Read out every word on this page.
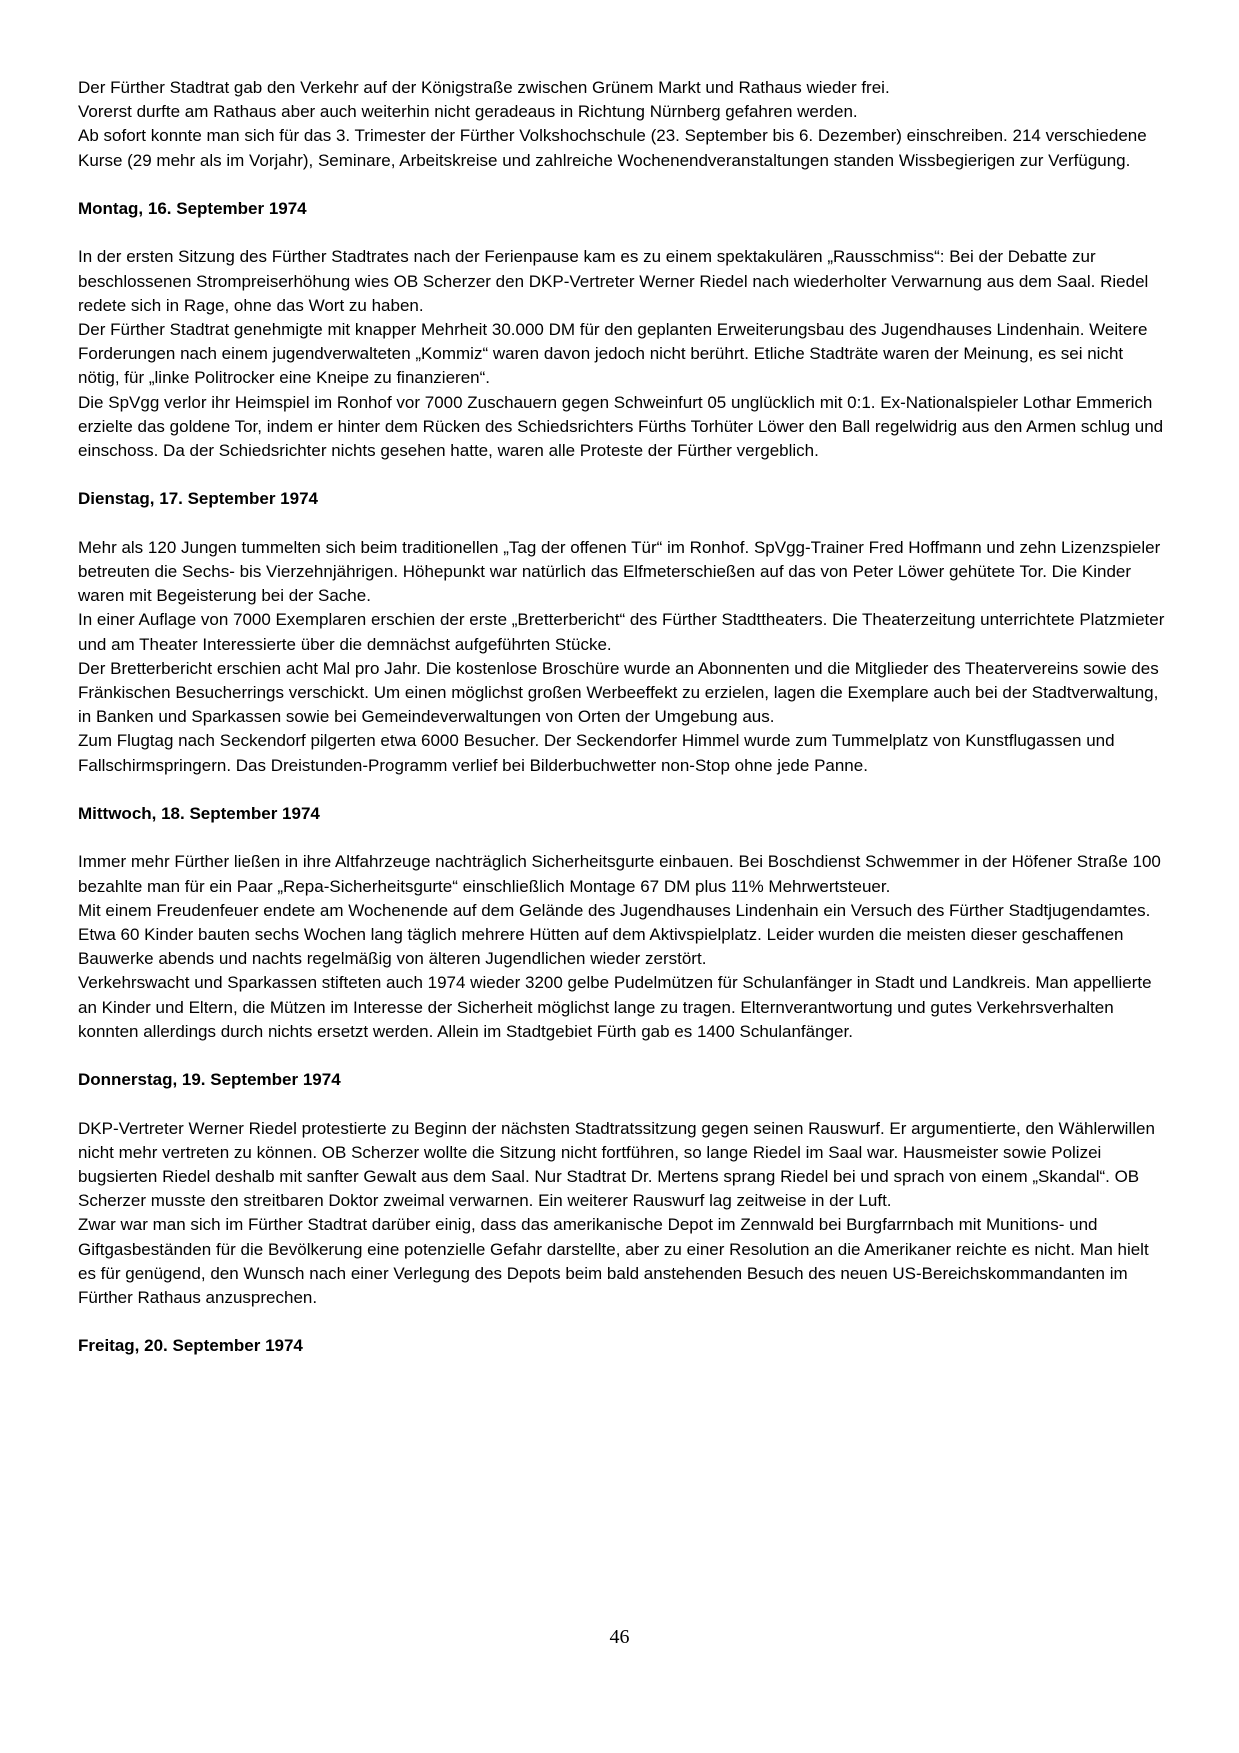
Der Fürther Stadtrat gab den Verkehr auf der Königstraße zwischen Grünem Markt und Rathaus wieder frei.

Vorerst durfte am Rathaus aber auch weiterhin nicht geradeaus in Richtung Nürnberg gefahren werden.

Ab sofort konnte man sich für das 3. Trimester der Fürther Volkshochschule (23. September bis 6. Dezember) einschreiben. 214 verschiedene Kurse (29 mehr als im Vorjahr), Seminare, Arbeitskreise und zahlreiche Wochenendveranstaltungen standen Wissbegierigen zur Verfügung.

Montag, 16. September 1974

In der ersten Sitzung des Fürther Stadtrates nach der Ferienpause kam es zu einem spektakulären „Rausschmiss“: Bei der Debatte zur beschlossenen Strompreiserhöhung wies OB Scherzer den DKP-Vertreter Werner Riedel nach wiederholter Verwarnung aus dem Saal. Riedel redete sich in Rage, ohne das Wort zu haben.

Der Fürther Stadtrat genehmigte mit knapper Mehrheit 30.000 DM für den geplanten Erweiterungsbau des Jugendhauses Lindenhain. Weitere Forderungen nach einem jugendverwalteten „Kommiz“ waren davon jedoch nicht berührt. Etliche Stadträte waren der Meinung, es sei nicht nötig, für „linke Politrocker eine Kneipe zu finanzieren“.

Die SpVgg verlor ihr Heimspiel im Ronhof vor 7000 Zuschauern gegen Schweinfurt 05 unglücklich mit 0:1. Ex-Nationalspieler Lothar Emmerich erzielte das goldene Tor, indem er hinter dem Rücken des Schiedsrichters Fürths Torhüter Löwer den Ball regelwidrig aus den Armen schlug und einschoss. Da der Schiedsrichter nichts gesehen hatte, waren alle Proteste der Fürther vergeblich.

Dienstag, 17. September 1974

Mehr als 120 Jungen tummelten sich beim traditionellen „Tag der offenen Tür“ im Ronhof. SpVgg-Trainer Fred Hoffmann und zehn Lizenzspieler betreuten die Sechs- bis Vierzehnjährigen. Höhepunkt war natürlich das Elfmeterschießen auf das von Peter Löwer gehütete Tor. Die Kinder waren mit Begeisterung bei der Sache.

In einer Auflage von 7000 Exemplaren erschien der erste „Bretterbericht“ des Fürther Stadttheaters. Die Theaterzeitung unterrichtete Platzmieter und am Theater Interessierte über die demnächst aufgeführten Stücke.

Der Bretterbericht erschien acht Mal pro Jahr. Die kostenlose Broschüre wurde an Abonnenten und die Mitglieder des Theatervereins sowie des Fränkischen Besucherrings verschickt. Um einen möglichst großen Werbeeffekt zu erzielen, lagen die Exemplare auch bei der Stadtverwaltung, in Banken und Sparkassen sowie bei Gemeindeverwaltungen von Orten der Umgebung aus.

Zum Flugtag nach Seckendorf pilgerten etwa 6000 Besucher. Der Seckendorfer Himmel wurde zum Tummelplatz von Kunstflugassen und Fallschirmspringern. Das Dreistunden-Programm verlief bei Bilderbuchwetter non-Stop ohne jede Panne.

Mittwoch, 18. September 1974

Immer mehr Fürther ließen in ihre Altfahrzeuge nachträglich Sicherheitsgurte einbauen. Bei Boschdienst Schwemmer in der Höfener Straße 100 bezahlte man für ein Paar „Repa-Sicherheitsgurte“ einschließlich Montage 67 DM plus 11% Mehrwertsteuer.

Mit einem Freudenfeuer endete am Wochenende auf dem Gelände des Jugendhauses Lindenhain ein Versuch des Fürther Stadtjugendamtes. Etwa 60 Kinder bauten sechs Wochen lang täglich mehrere Hütten auf dem Aktivspielplatz. Leider wurden die meisten dieser geschaffenen Bauwerke abends und nachts regelmäßig von älteren Jugendlichen wieder zerstört.

Verkehrswacht und Sparkassen stifteten auch 1974 wieder 3200 gelbe Pudelmützen für Schulanfänger in Stadt und Landkreis. Man appellierte an Kinder und Eltern, die Mützen im Interesse der Sicherheit möglichst lange zu tragen. Elternverantwortung und gutes Verkehrsverhalten konnten allerdings durch nichts ersetzt werden. Allein im Stadtgebiet Fürth gab es 1400 Schulanfänger.

Donnerstag, 19. September 1974

DKP-Vertreter Werner Riedel protestierte zu Beginn der nächsten Stadtratssitzung gegen seinen Rauswurf. Er argumentierte, den Wählerwillen nicht mehr vertreten zu können. OB Scherzer wollte die Sitzung nicht fortführen, so lange Riedel im Saal war. Hausmeister sowie Polizei bugsierten Riedel deshalb mit sanfter Gewalt aus dem Saal. Nur Stadtrat Dr. Mertens sprang Riedel bei und sprach von einem „Skandal“. OB Scherzer musste den streitbaren Doktor zweimal verwarnen. Ein weiterer Rauswurf lag zeitweise in der Luft.

Zwar war man sich im Fürther Stadtrat darüber einig, dass das amerikanische Depot im Zennwald bei Burgfarrnbach mit Munitions- und Giftgasbeständen für die Bevölkerung eine potenzielle Gefahr darstellte, aber zu einer Resolution an die Amerikaner reichte es nicht. Man hielt es für genügend, den Wunsch nach einer Verlegung des Depots beim bald anstehenden Besuch des neuen US-Bereichskommandanten im Fürther Rathaus anzusprechen.

Freitag, 20. September 1974
46
